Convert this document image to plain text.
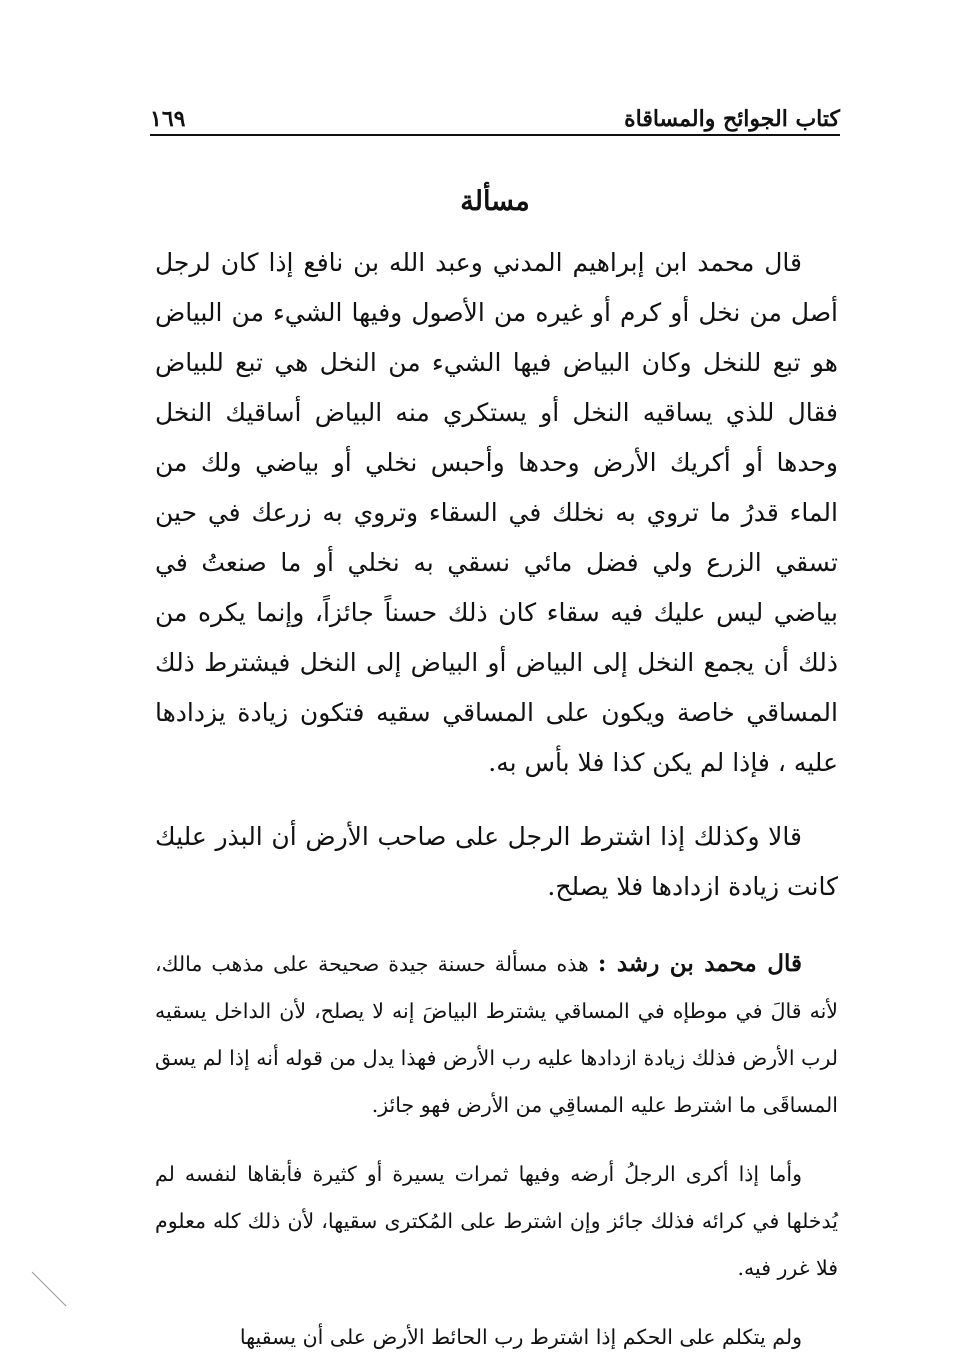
كتاب الجوائح والمساقاة
١٦٩
مسألة

قال محمد ابن إبراهيم المدني وعبد الله بن نافع إذا كان لرجل أصل من نخل أو كرم أو غيره من الأصول وفيها الشيء من البياض هو تبع للنخل وكان البياض فيها الشيء من النخل هي تبع للبياض فقال للذي يساقيه النخل أو يستكري منه البياض أساقيك النخل وحدها أو أكريك الأرض وحدها وأحبس نخلي أو بياضي ولك من الماء قدرُ ما تروي به نخلك في السقاء وتروي به زرعك في حين تسقي الزرع ولي فضل مائي نسقي به نخلي أو ما صنعتُ في بياضي ليس عليك فيه سقاء كان ذلك حسناً جائزاً، وإنما يكره من ذلك أن يجمع النخل إلى البياض أو البياض إلى النخل فيشترط ذلك المساقي خاصة ويكون على المساقي سقيه فتكون زيادة يزدادها عليه ، فإذا لم يكن كذا فلا بأس به.

قالا وكذلك إذا اشترط الرجل على صاحب الأرض أن البذر عليك كانت زيادة ازدادها فلا يصلح.

قال محمد بن رشد : هذه مسألة حسنة جيدة صحيحة على مذهب مالك، لأنه قالَ في موطإه في المساقي يشترط البياضَ إنه لا يصلح، لأن الداخل يسقيه لرب الأرض فذلك زيادة ازدادها عليه رب الأرض فهذا يدل من قوله أنه إذا لم يسق المساقَى ما اشترط عليه المساقِي من الأرض فهو جائز.

وأما إذا أكرى الرجلُ أرضه وفيها ثمرات يسيرة أو كثيرة فأبقاها لنفسه لم يُدخلها في كرائه فذلك جائز وإن اشترط على المُكترى سقيها، لأن ذلك كله معلوم فلا غرر فيه.

ولم يتكلم على الحكم إذا اشترط رب الحائط الأرض على أن يسقيها
